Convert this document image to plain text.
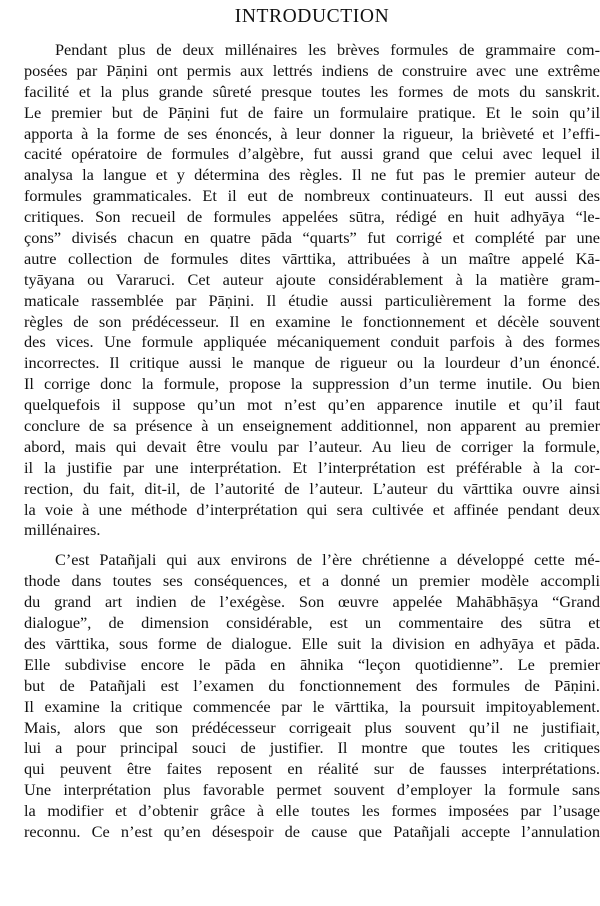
INTRODUCTION
Pendant plus de deux millénaires les brèves formules de grammaire com-
posées par Pāṇini ont permis aux lettrés indiens de construire avec une extrême
facilité et la plus grande sûreté presque toutes les formes de mots du sanskrit.
Le premier but de Pāṇini fut de faire un formulaire pratique. Et le soin qu’il
apporta à la forme de ses énoncés, à leur donner la rigueur, la brièveté et l’effi-
cacité opératoire de formules d’algèbre, fut aussi grand que celui avec lequel il
analysa la langue et y détermina des règles. Il ne fut pas le premier auteur de
formules grammaticales. Et il eut de nombreux continuateurs. Il eut aussi des
critiques. Son recueil de formules appelées sūtra, rédigé en huit adhyāya “le-
çons” divisés chacun en quatre pāda “quarts” fut corrigé et complété par une
autre collection de formules dites vārttika, attribuées à un maître appelé Kā-
tyāyana ou Vararuci. Cet auteur ajoute considérablement à la matière gram-
maticale rassemblée par Pāṇini. Il étudie aussi particulièrement la forme des
règles de son prédécesseur. Il en examine le fonctionnement et décèle souvent
des vices. Une formule appliquée mécaniquement conduit parfois à des formes
incorrectes. Il critique aussi le manque de rigueur ou la lourdeur d’un énoncé.
Il corrige donc la formule, propose la suppression d’un terme inutile. Ou bien
quelquefois il suppose qu’un mot n’est qu’en apparence inutile et qu’il faut
conclure de sa présence à un enseignement additionnel, non apparent au premier
abord, mais qui devait être voulu par l’auteur. Au lieu de corriger la formule,
il la justifie par une interprétation. Et l’interprétation est préférable à la cor-
rection, du fait, dit-il, de l’autorité de l’auteur. L’auteur du vārttika ouvre ainsi
la voie à une méthode d’interprétation qui sera cultivée et affinée pendant deux
millénaires.
C’est Patañjali qui aux environs de l’ère chrétienne a développé cette mé-
thode dans toutes ses conséquences, et a donné un premier modèle accompli
du grand art indien de l’exégèse. Son œuvre appelée Mahābhāṣya “Grand
dialogue”, de dimension considérable, est un commentaire des sūtra et
des vārttika, sous forme de dialogue. Elle suit la division en adhyāya et pāda.
Elle subdivise encore le pāda en āhnika “leçon quotidienne”. Le premier
but de Patañjali est l’examen du fonctionnement des formules de Pāṇini.
Il examine la critique commencée par le vārttika, la poursuit impitoyablement.
Mais, alors que son prédécesseur corrigeait plus souvent qu’il ne justifiait,
lui a pour principal souci de justifier. Il montre que toutes les critiques
qui peuvent être faites reposent en réalité sur de fausses interprétations.
Une interprétation plus favorable permet souvent d’employer la formule sans
la modifier et d’obtenir grâce à elle toutes les formes imposées par l’usage
reconnu. Ce n’est qu’en désespoir de cause que Patañjali accepte l’annulation
